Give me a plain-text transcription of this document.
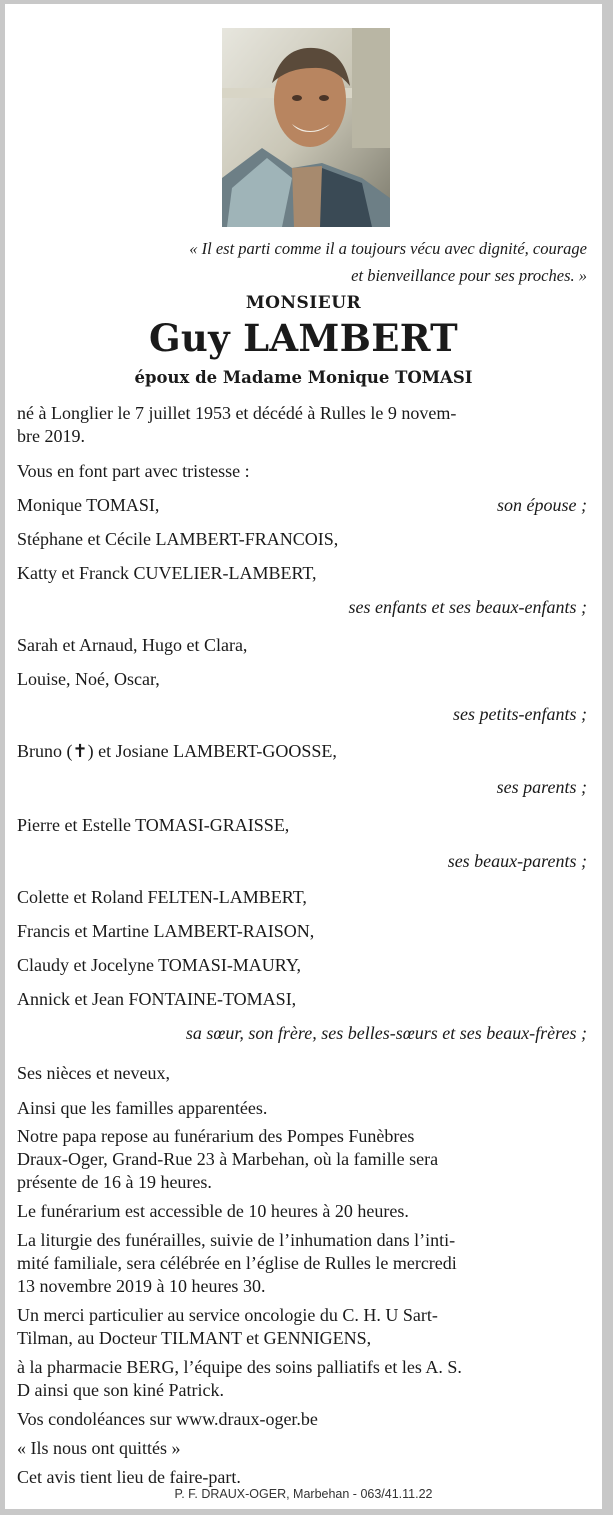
« Il est parti comme il a toujours vécu avec dignité, courage
et bienveillance pour ses proches. »
MONSIEUR
Guy LAMBERT
époux de Madame Monique TOMASI
né à Longlier le 7 juillet 1953 et décédé à Rulles le 9 novem-
bre 2019.
Vous en font part avec tristesse :
Monique TOMASI,	son épouse ;
Stéphane et Cécile LAMBERT-FRANCOIS,
Katty et Franck CUVELIER-LAMBERT,
ses enfants et ses beaux-enfants ;
Sarah et Arnaud, Hugo et Clara,
Louise, Noé, Oscar,
ses petits-enfants ;
Bruno (✝) et Josiane LAMBERT-GOOSSE,
ses parents ;
Pierre et Estelle TOMASI-GRAISSE,
ses beaux-parents ;
Colette et Roland FELTEN-LAMBERT,
Francis et Martine LAMBERT-RAISON,
Claudy et Jocelyne TOMASI-MAURY,
Annick et Jean FONTAINE-TOMASI,
sa sœur, son frère, ses belles-sœurs et ses beaux-frères ;
Ses nièces et neveux,
Ainsi que les familles apparentées.
Notre papa repose au funérarium des Pompes Funèbres
Draux-Oger, Grand-Rue 23 à Marbehan, où la famille sera
présente de 16 à 19 heures.
Le funérarium est accessible de 10 heures à 20 heures.
La liturgie des funérailles, suivie de l’inhumation dans l’inti-
mité familiale, sera célébrée en l’église de Rulles le mercredi
13 novembre 2019 à 10 heures 30.
Un merci particulier au service oncologie du C. H. U Sart-
Tilman, au Docteur TILMANT et GENNIGENS,
à la pharmacie BERG, l’équipe des soins palliatifs et les A. S.
D ainsi que son kiné Patrick.
Vos condoléances sur www.draux-oger.be
« Ils nous ont quittés »
Cet avis tient lieu de faire-part.
P. F. DRAUX-OGER, Marbehan - 063/41.11.22
